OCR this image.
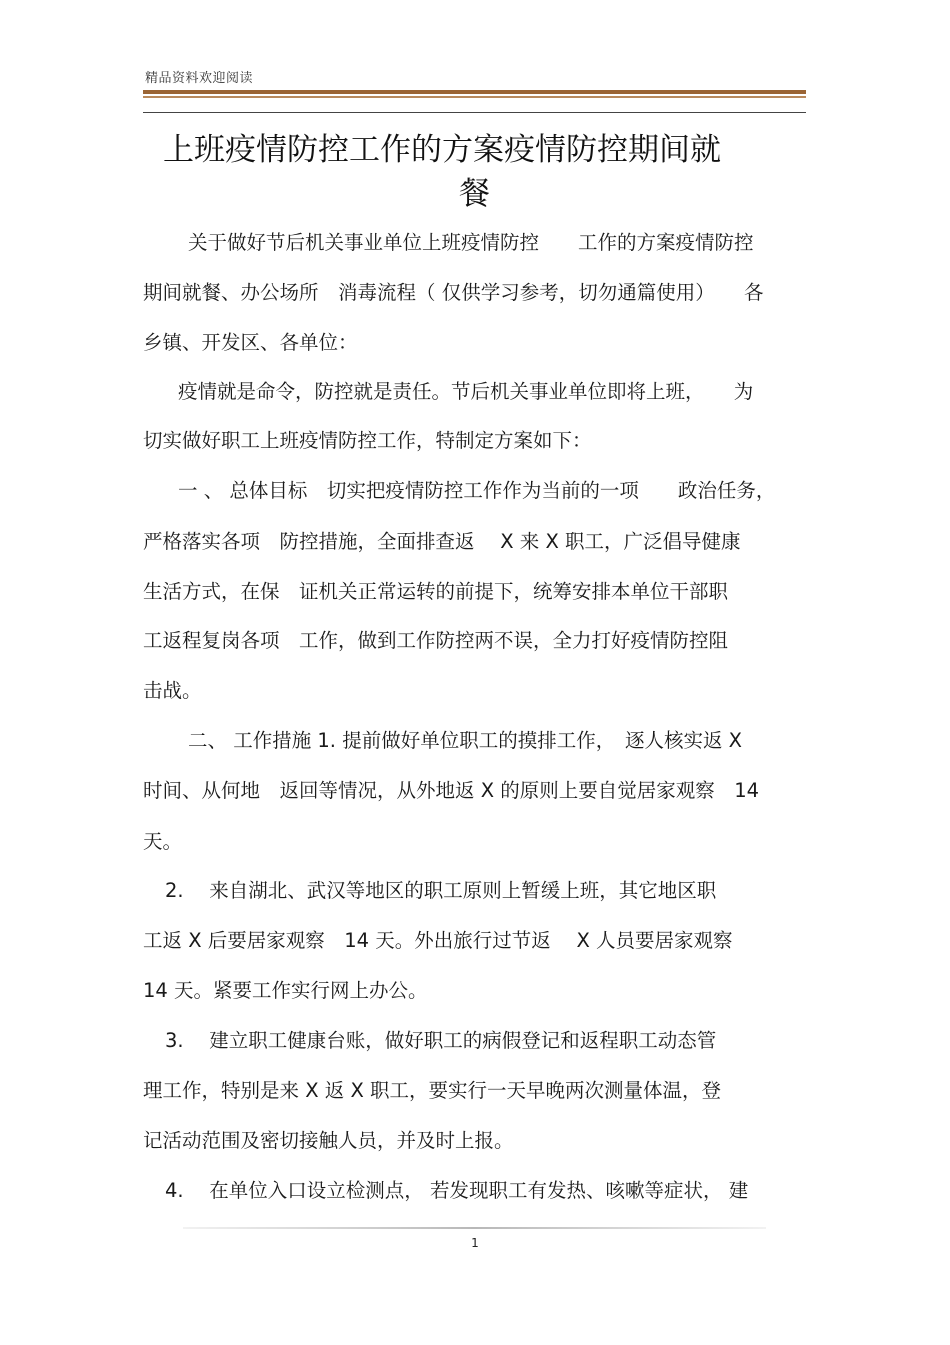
精品资料欢迎阅读
上班疫情防控工作的方案疫情防控期间就
餐
关于做好节后机关事业单位上班疫情防控　　工作的方案疫情防控
期间就餐、办公场所　消毒流程（ 仅供学习参考，切勿通篇使用）　　各
乡镇、开发区、各单位：
疫情就是命令，防控就是责任。节后机关事业单位即将上班，　　为
切实做好职工上班疫情防控工作，特制定方案如下：
一 、 总体目标　切实把疫情防控工作作为当前的一项　　政治任务，
严格落实各项　防控措施，全面排查返　 X 来 X 职工，广泛倡导健康
生活方式，在保　证机关正常运转的前提下，统筹安排本单位干部职
工返程复岗各项　工作，做到工作防控两不误，全力打好疫情防控阻
击战。
二、 工作措施 1. 提前做好单位职工的摸排工作，　逐人核实返 X
时间、从何地　返回等情况，从外地返 X 的原则上要自觉居家观察　14
天。
2.　 来自湖北、武汉等地区的职工原则上暂缓上班，其它地区职
工返 X 后要居家观察　14 天。外出旅行过节返　 X 人员要居家观察
14 天。紧要工作实行网上办公。
3.　 建立职工健康台账，做好职工的病假登记和返程职工动态管
理工作，特别是来 X 返 X 职工，要实行一天早晚两次测量体温，登
记活动范围及密切接触人员，并及时上报。
4.　 在单位入口设立检测点， 若发现职工有发热、咳嗽等症状， 建
1
